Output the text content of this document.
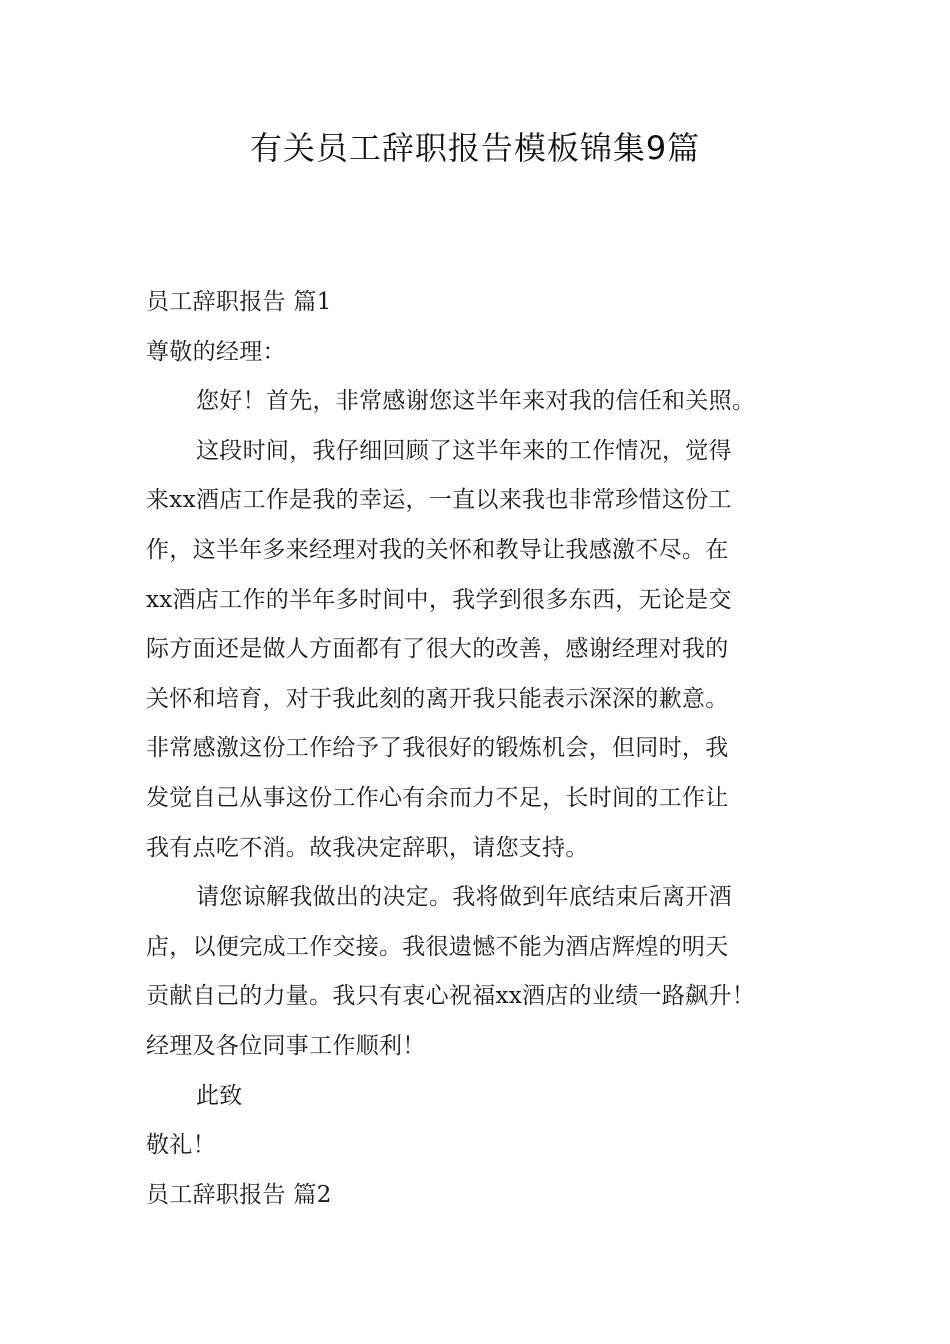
有关员工辞职报告模板锦集9篇
员工辞职报告 篇1
尊敬的经理：
您好！首先，非常感谢您这半年来对我的信任和关照。
这段时间，我仔细回顾了这半年来的工作情况，觉得
来xx酒店工作是我的幸运，一直以来我也非常珍惜这份工
作，这半年多来经理对我的关怀和教导让我感激不尽。在
xx酒店工作的半年多时间中，我学到很多东西，无论是交
际方面还是做人方面都有了很大的改善，感谢经理对我的
关怀和培育，对于我此刻的离开我只能表示深深的歉意。
非常感激这份工作给予了我很好的锻炼机会，但同时，我
发觉自己从事这份工作心有余而力不足，长时间的工作让
我有点吃不消。故我决定辞职，请您支持。
请您谅解我做出的决定。我将做到年底结束后离开酒
店，以便完成工作交接。我很遗憾不能为酒店辉煌的明天
贡献自己的力量。我只有衷心祝福xx酒店的业绩一路飙升！
经理及各位同事工作顺利！
此致
敬礼！
员工辞职报告 篇2
